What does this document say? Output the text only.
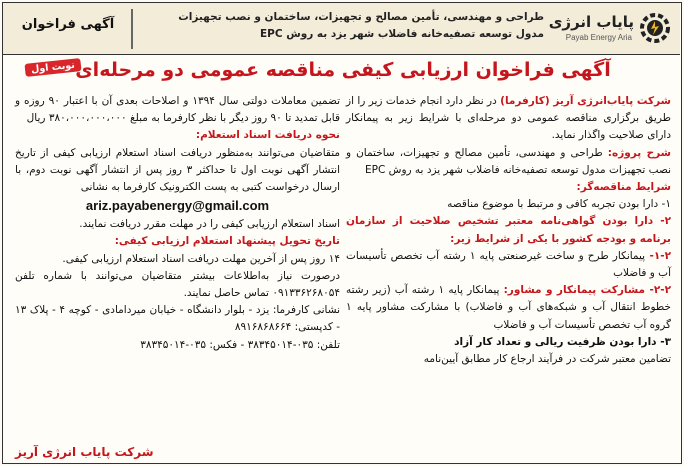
پایاب انرژی
Payab Energy Aria
طراحی و مهندسی، تأمین مصالح و تجهیزات، ساختمان و نصب تجهیزات
مدول توسعه تصفیه‌خانه فاضلاب شهر یزد به روش EPC
آگهی فراخوان
نوبت اول آگهی فراخوان ارزیابی کیفی مناقصه عمومی دو مرحله‌ای

شرکت پایاب‌انرژی آریز (کارفرما) در نظر دارد انجام خدمات زیر را از طریق برگزاری مناقصه عمومی دو مرحله‌ای با شرایط زیر به پیمانکار دارای صلاحیت واگذار نماید.

شرح پروژه: طراحی و مهندسی، تأمین مصالح و تجهیزات، ساختمان و نصب تجهیزات مدول توسعه تصفیه‌خانه فاضلاب شهر یزد به روش EPC

شرایط مناقصه‌گر:

۱- دارا بودن تجربه کافی و مرتبط با موضوع مناقصه

۲- دارا بودن گواهی‌نامه معتبر تشخیص صلاحیت از سازمان برنامه و بودجه کشور با یکی از شرایط زیر:

۱-۲- پیمانکار طرح و ساخت غیرصنعتی پایه ۱ رشته آب تخصص تأسیسات آب و فاضلاب

۲-۲- مشارکت پیمانکار و مشاور: پیمانکار پایه ۱ رشته آب (زیر رشته خطوط انتقال آب و شبکه‌های آب و فاضلاب) با مشارکت مشاور پایه ۱ گروه آب تخصص تأسیسات آب و فاضلاب

۳- دارا بودن ظرفیت ریالی و تعداد کار آزاد

تضامین معتبر شرکت در فرآیند ارجاع کار مطابق آیین‌نامه

تضمین معاملات دولتی سال ۱۳۹۴ و اصلاحات بعدی آن با اعتبار ۹۰ روزه و قابل تمدید تا ۹۰ روز دیگر با نظر کارفرما به مبلغ ۳۸۰،۰۰۰،۰۰۰،۰۰۰ ریال

نحوه دریافت اسناد استعلام:

متقاضیان می‌توانند به‌منظور دریافت اسناد استعلام ارزیابی کیفی از تاریخ انتشار آگهی نوبت اول تا حداکثر ۳ روز پس از انتشار آگهی نوبت دوم، با ارسال درخواست کتبی به پست الکترونیک کارفرما به نشانی

ariz.payabenergy@gmail.com

اسناد استعلام ارزیابی کیفی را در مهلت مقرر دریافت نمایند.

تاریخ تحویل پیشنهاد استعلام ارزیابی کیفی:

۱۴ روز پس از آخرین مهلت دریافت اسناد استعلام ارزیابی کیفی.

درصورت نیاز به‌اطلاعات بیشتر متقاضیان می‌توانند با شماره تلفن ۰۹۱۳۳۶۲۶۸۰۵۴ تماس حاصل نمایند.

نشانی کارفرما: یزد - بلوار دانشگاه - خیابان میردامادی - کوچه ۴ - پلاک ۱۳ - کدپستی: ۸۹۱۶۸۶۸۶۶۴

تلفن: ۰۳۵-۳۸۳۴۵۰۱۴ - فکس: ۰۳۵-۳۸۳۴۵۰۱۴

شرکت پایاب انرژی آریز
